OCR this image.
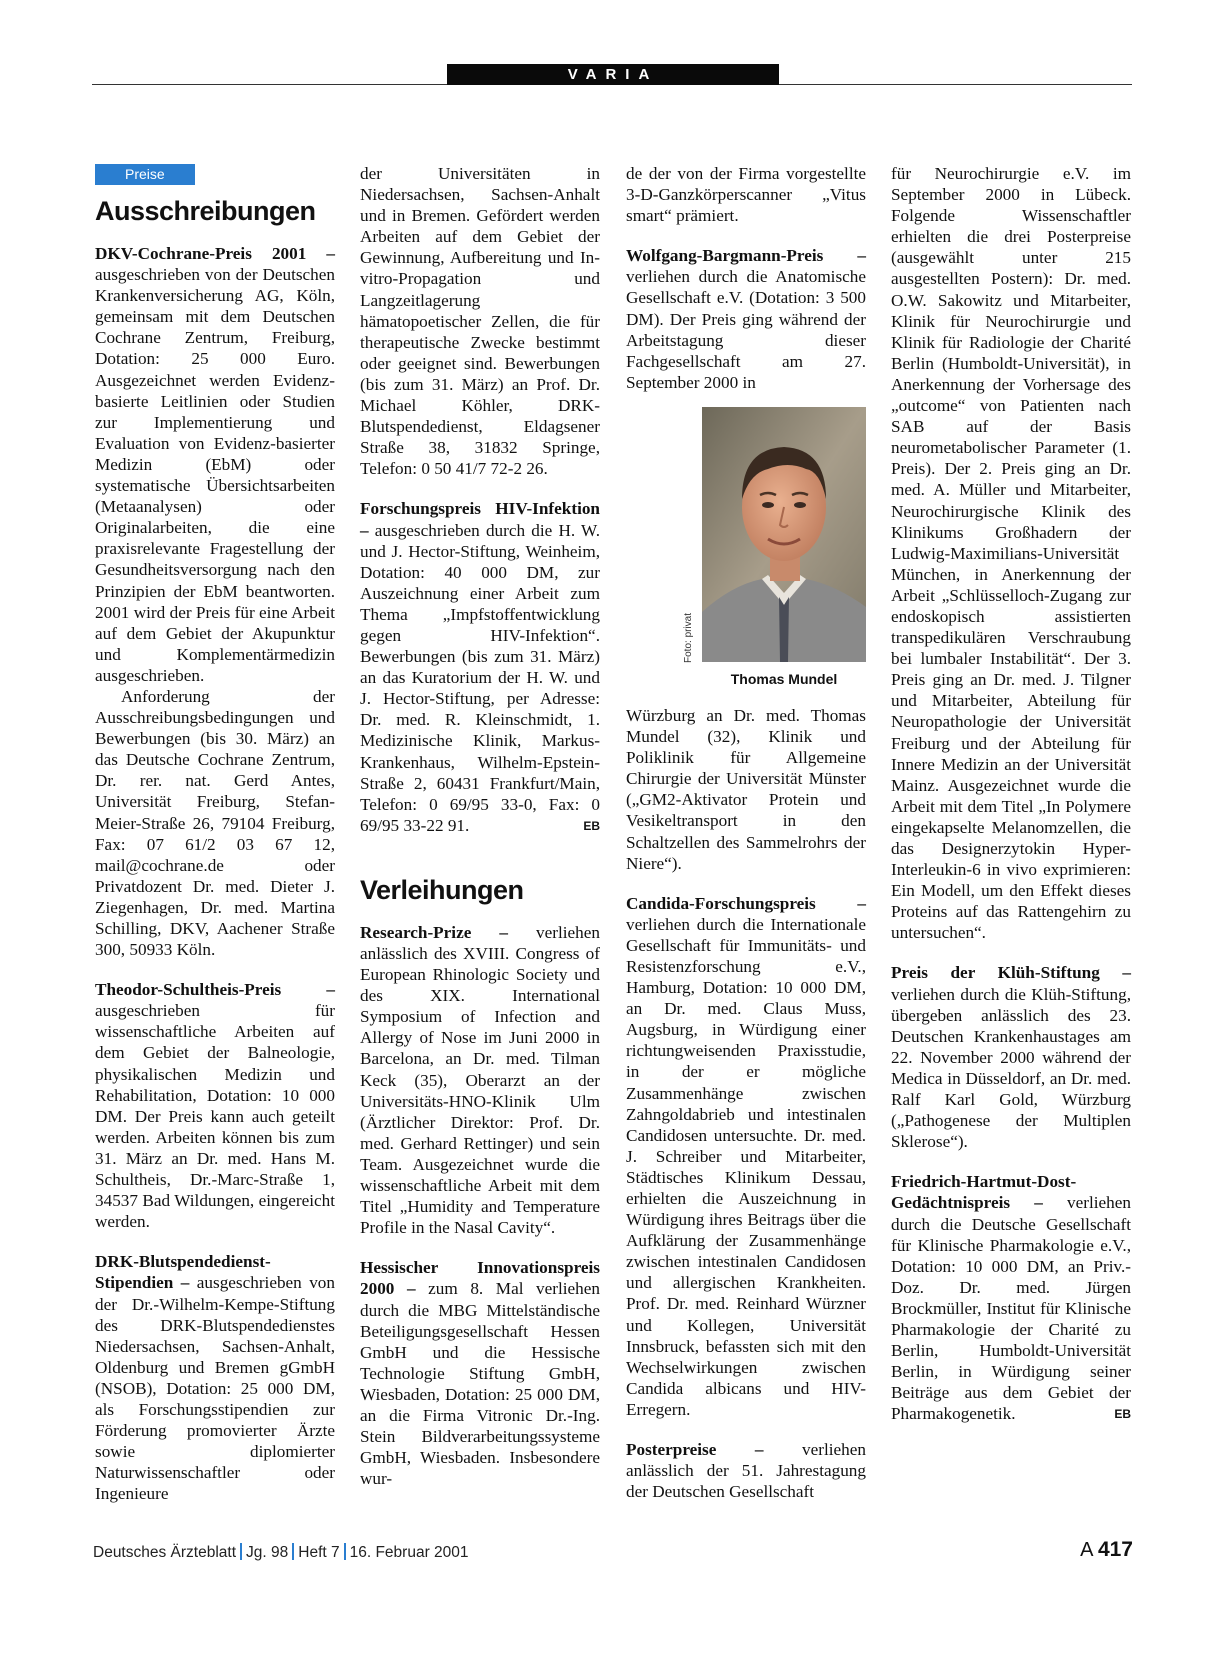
VARIA
Preise
Ausschreibungen

DKV-Cochrane-Preis 2001 – ausgeschrieben von der Deutschen Krankenversicherung AG, Köln, gemeinsam mit dem Deutschen Cochrane Zentrum, Freiburg, Dotation: 25 000 Euro. Ausgezeichnet werden Evidenz-basierte Leitlinien oder Studien zur Implementierung und Evaluation von Evidenz-basierter Medizin (EbM) oder systematische Übersichtsarbeiten (Metaanalysen) oder Originalarbeiten, die eine praxisrelevante Fragestellung der Gesundheitsversorgung nach den Prinzipien der EbM beantworten. 2001 wird der Preis für eine Arbeit auf dem Gebiet der Akupunktur und Komplementärmedizin ausgeschrieben.

Anforderung der Ausschreibungsbedingungen und Bewerbungen (bis 30. März) an das Deutsche Cochrane Zentrum, Dr. rer. nat. Gerd Antes, Universität Freiburg, Stefan-Meier-Straße 26, 79104 Freiburg, Fax: 07 61/2 03 67 12, mail@cochrane.de oder Privatdozent Dr. med. Dieter J. Ziegenhagen, Dr. med. Martina Schilling, DKV, Aachener Straße 300, 50933 Köln.

Theodor-Schultheis-Preis – ausgeschrieben für wissenschaftliche Arbeiten auf dem Gebiet der Balneologie, physikalischen Medizin und Rehabilitation, Dotation: 10 000 DM. Der Preis kann auch geteilt werden. Arbeiten können bis zum 31. März an Dr. med. Hans M. Schultheis, Dr.-Marc-Straße 1, 34537 Bad Wildungen, eingereicht werden.

DRK-Blutspendedienst-Stipendien – ausgeschrieben von der Dr.-Wilhelm-Kempe-Stiftung des DRK-Blutspendedienstes Niedersachsen, Sachsen-Anhalt, Oldenburg und Bremen gGmbH (NSOB), Dotation: 25 000 DM, als Forschungsstipendien zur Förderung promovierter Ärzte sowie diplomierter Naturwissenschaftler oder Ingenieure

der Universitäten in Niedersachsen, Sachsen-Anhalt und in Bremen. Gefördert werden Arbeiten auf dem Gebiet der Gewinnung, Aufbereitung und In-vitro-Propagation und Langzeitlagerung hämatopoetischer Zellen, die für therapeutische Zwecke bestimmt oder geeignet sind. Bewerbungen (bis zum 31. März) an Prof. Dr. Michael Köhler, DRK-Blutspendedienst, Eldagsener Straße 38, 31832 Springe, Telefon: 0 50 41/7 72-2 26.

Forschungspreis HIV-Infektion – ausgeschrieben durch die H. W. und J. Hector-Stiftung, Weinheim, Dotation: 40 000 DM, zur Auszeichnung einer Arbeit zum Thema „Impfstoffentwicklung gegen HIV-Infektion“. Bewerbungen (bis zum 31. März) an das Kuratorium der H. W. und J. Hector-Stiftung, per Adresse: Dr. med. R. Kleinschmidt, 1. Medizinische Klinik, Markus-Krankenhaus, Wilhelm-Epstein-Straße 2, 60431 Frankfurt/Main, Telefon: 0 69/95 33-0, Fax: 0 69/95 33-22 91.	EB
Verleihungen

Research-Prize – verliehen anlässlich des XVIII. Congress of European Rhinologic Society und des XIX. International Symposium of Infection and Allergy of Nose im Juni 2000 in Barcelona, an Dr. med. Tilman Keck (35), Oberarzt an der Universitäts-HNO-Klinik Ulm (Ärztlicher Direktor: Prof. Dr. med. Gerhard Rettinger) und sein Team. Ausgezeichnet wurde die wissenschaftliche Arbeit mit dem Titel „Humidity and Temperature Profile in the Nasal Cavity“.

Hessischer Innovationspreis 2000 – zum 8. Mal verliehen durch die MBG Mittelständische Beteiligungsgesellschaft Hessen GmbH und die Hessische Technologie Stiftung GmbH, Wiesbaden, Dotation: 25 000 DM, an die Firma Vitronic Dr.-Ing. Stein Bildverarbeitungssysteme GmbH, Wiesbaden. Insbesondere wur-

de der von der Firma vorgestellte 3-D-Ganzkörperscanner „Vitus smart“ prämiert.

Wolfgang-Bargmann-Preis – verliehen durch die Anatomische Gesellschaft e.V. (Dotation: 3 500 DM). Der Preis ging während der Arbeitstagung dieser Fachgesellschaft am 27. September 2000 in

Foto: privat
Thomas Mundel

Würzburg an Dr. med. Thomas Mundel (32), Klinik und Poliklinik für Allgemeine Chirurgie der Universität Münster („GM2-Aktivator Protein und Vesikeltransport in den Schaltzellen des Sammelrohrs der Niere“).

Candida-Forschungspreis – verliehen durch die Internationale Gesellschaft für Immunitäts- und Resistenzforschung e.V., Hamburg, Dotation: 10 000 DM, an Dr. med. Claus Muss, Augsburg, in Würdigung einer richtungweisenden Praxisstudie, in der er mögliche Zusammenhänge zwischen Zahngoldabrieb und intestinalen Candidosen untersuchte. Dr. med. J. Schreiber und Mitarbeiter, Städtisches Klinikum Dessau, erhielten die Auszeichnung in Würdigung ihres Beitrags über die Aufklärung der Zusammenhänge zwischen intestinalen Candidosen und allergischen Krankheiten. Prof. Dr. med. Reinhard Würzner und Kollegen, Universität Innsbruck, befassten sich mit den Wechselwirkungen zwischen Candida albicans und HIV-Erregern.

Posterpreise – verliehen anlässlich der 51. Jahrestagung der Deutschen Gesellschaft

für Neurochirurgie e.V. im September 2000 in Lübeck. Folgende Wissenschaftler erhielten die drei Posterpreise (ausgewählt unter 215 ausgestellten Postern): Dr. med. O.W. Sakowitz und Mitarbeiter, Klinik für Neurochirurgie und Klinik für Radiologie der Charité Berlin (Humboldt-Universität), in Anerkennung der Vorhersage des „outcome“ von Patienten nach SAB auf der Basis neurometabolischer Parameter (1. Preis). Der 2. Preis ging an Dr. med. A. Müller und Mitarbeiter, Neurochirurgische Klinik des Klinikums Großhadern der Ludwig-Maximilians-Universität München, in Anerkennung der Arbeit „Schlüsselloch-Zugang zur endoskopisch assistierten transpedikulären Verschraubung bei lumbaler Instabilität“. Der 3. Preis ging an Dr. med. J. Tilgner und Mitarbeiter, Abteilung für Neuropathologie der Universität Freiburg und der Abteilung für Innere Medizin an der Universität Mainz. Ausgezeichnet wurde die Arbeit mit dem Titel „In Polymere eingekapselte Melanomzellen, die das Designerzytokin Hyper-Interleukin-6 in vivo exprimieren: Ein Modell, um den Effekt dieses Proteins auf das Rattengehirn zu untersuchen“.

Preis der Klüh-Stiftung – verliehen durch die Klüh-Stiftung, übergeben anlässlich des 23. Deutschen Krankenhaustages am 22. November 2000 während der Medica in Düsseldorf, an Dr. med. Ralf Karl Gold, Würzburg („Pathogenese der Multiplen Sklerose“).

Friedrich-Hartmut-Dost-Gedächtnispreis – verliehen durch die Deutsche Gesellschaft für Klinische Pharmakologie e.V., Dotation: 10 000 DM, an Priv.-Doz. Dr. med. Jürgen Brockmüller, Institut für Klinische Pharmakologie der Charité zu Berlin, Humboldt-Universität Berlin, in Würdigung seiner Beiträge aus dem Gebiet der Pharmakogenetik.	EB
Deutsches Ärzteblatt Jg. 98 Heft 7 16. Februar 2001	A 417
